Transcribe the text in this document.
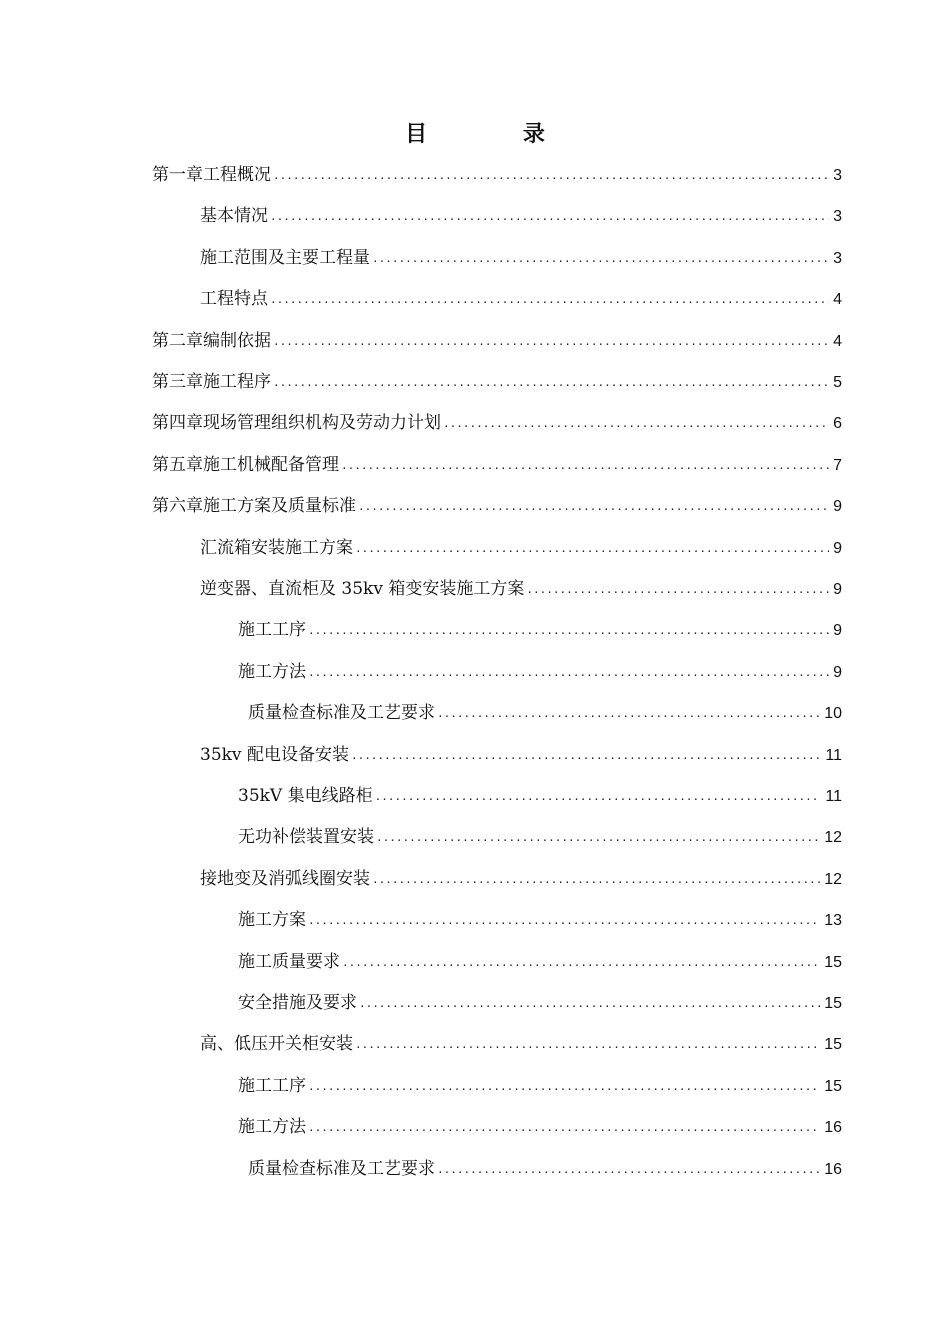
目 录
第一章 工程概况 .....	3
基本情况 .....	3
施工范围及主要工程量 .....	3
工程特点 .....	4
第二章 编制依据 .....	4
第三章 施工程序 .....	5
第四章 现场管理组织机构及劳动力计划 .....	6
第五章 施工机械配备管理 .....	7
第六章 施工方案及质量标准 .....	9
汇流箱安装施工方案 .....	9
逆变器、直流柜及 35kv 箱变安装施工方案 .....	9
施工工序 .....	9
施工方法 .....	9
质量检查标准及工艺要求 .....	10
35kv 配电设备安装 .....	11
35kV 集电线路柜 .....	11
无功补偿装置安装 .....	12
接地变及消弧线圈安装 .....	12
施工方案 .....	13
施工质量要求 .....	15
安全措施及要求 .....	15
高、低压开关柜安装 .....	15
施工工序 .....	15
施工方法 .....	16
质量检查标准及工艺要求 .....	16
